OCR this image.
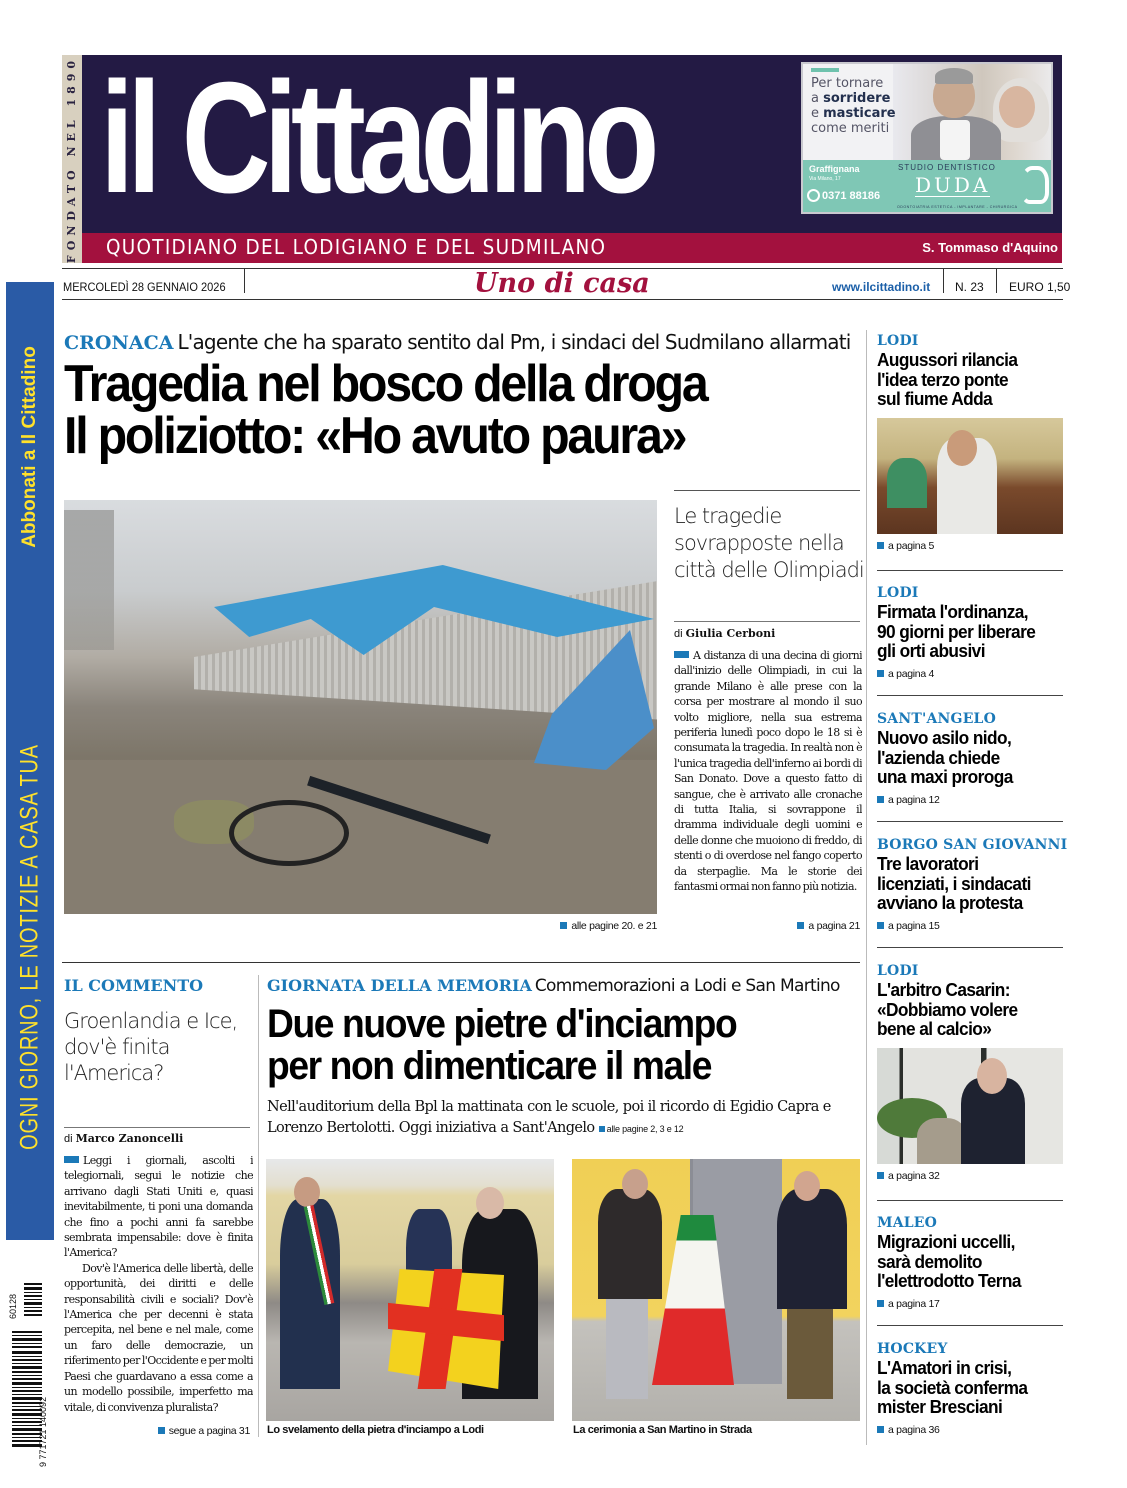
FONDATO NEL 1890 il Cittadino
QUOTIDIANO DEL LODIGIANO E DEL SUDMILANO	S. Tommaso d'Aquino
Per tornare
a sorridere
e masticare
come meriti
Graffignana
Via Milano, 17
0371 88186
STUDIO DENTISTICO
DUDA
ODONTOIATRIA ESTETICA - IMPLANTARE - CHIRURGICA
MERCOLEDÌ 28 GENNAIO 2026	Uno di casa	www.ilcittadino.it N. 23 EURO 1,50
Abbonati a Il Cittadino
OGNI GIORNO, LE NOTIZIE A CASA TUA
60128
9 771721 140092
CRONACA L'agente che ha sparato sentito dal Pm, i sindaci del Sudmilano allarmati
Tragedia nel bosco della droga
Il poliziotto: «Ho avuto paura»
alle pagine 20. e 21
Le tragedie sovrapposte nella città delle Olimpiadi
di Giulia Cerboni
A distanza di una decina di giorni dall'inizio delle Olimpiadi, in cui la grande Milano è alle prese con la corsa per mostrare al mondo il suo volto migliore, nella sua estrema periferia lunedì poco dopo le 18 si è consumata la tragedia. In realtà non è l'unica tragedia dell'inferno ai bordi di San Donato. Dove a questo fatto di sangue, che è arrivato alle cronache di tutta Italia, si sovrappone il dramma individuale degli uomini e delle donne che muoiono di freddo, di stenti o di overdose nel fango coperto da sterpaglie. Ma le storie dei fantasmi ormai non fanno più notizia.
a pagina 21
LODI
Augussori rilancia
l'idea terzo ponte
sul fiume Adda
a pagina 5
LODI
Firmata l'ordinanza,
90 giorni per liberare
gli orti abusivi
a pagina 4
SANT'ANGELO
Nuovo asilo nido,
l'azienda chiede
una maxi proroga
a pagina 12
BORGO SAN GIOVANNI
Tre lavoratori
licenziati, i sindacati
avviano la protesta
a pagina 15
LODI
L'arbitro Casarin:
«Dobbiamo volere
bene al calcio»
a pagina 32
MALEO
Migrazioni uccelli,
sarà demolito
l'elettrodotto Terna
a pagina 17
HOCKEY
L'Amatori in crisi,
la società conferma
mister Bresciani
a pagina 36
IL COMMENTO
Groenlandia e Ice, dov'è finita l'America?
di Marco Zanoncelli

Leggi i giornali, ascolti i telegiornali, segui le notizie che arrivano dagli Stati Uniti e, quasi inevitabilmente, ti poni una domanda che fino a pochi anni fa sarebbe sembrata impensabile: dove è finita l'America?

Dov'è l'America delle libertà, delle opportunità, dei diritti e delle responsabilità civili e sociali? Dov'è l'America che per decenni è stata percepita, nel bene e nel male, come un faro delle democrazie, un riferimento per l'Occidente e per molti Paesi che guardavano a essa come a un modello possibile, imperfetto ma vitale, di convivenza pluralista?

segue a pagina 31
GIORNATA DELLA MEMORIA Commemorazioni a Lodi e San Martino
Due nuove pietre d'inciampo
per non dimenticare il male
Nell'auditorium della Bpl la mattinata con le scuole, poi il ricordo di Egidio Capra e Lorenzo Bertolotti. Oggi iniziativa a Sant'Angelo alle pagine 2, 3 e 12
Lo svelamento della pietra d'inciampo a Lodi	La cerimonia a San Martino in Strada
